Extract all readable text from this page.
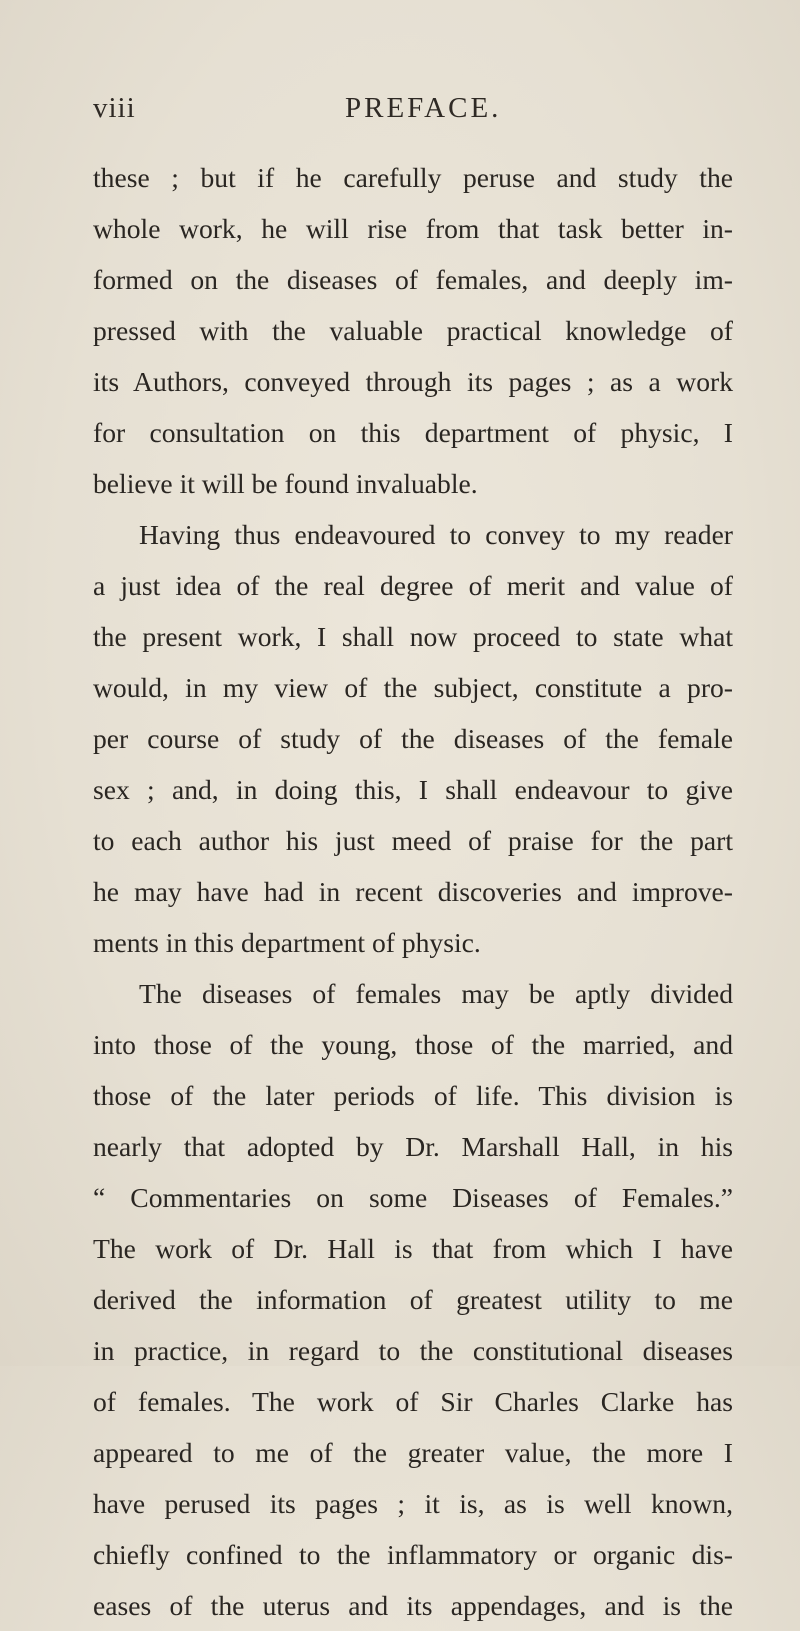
viii	PREFACE.
these ; but if he carefully peruse and study the
whole work, he will rise from that task better in-
formed on the diseases of females, and deeply im-
pressed with the valuable practical knowledge of
its Authors, conveyed through its pages ; as a work
for consultation on this department of physic, I
believe it will be found invaluable.
Having thus endeavoured to convey to my reader
a just idea of the real degree of merit and value of
the present work, I shall now proceed to state what
would, in my view of the subject, constitute a pro-
per course of study of the diseases of the female
sex ; and, in doing this, I shall endeavour to give
to each author his just meed of praise for the part
he may have had in recent discoveries and improve-
ments in this department of physic.
The diseases of females may be aptly divided
into those of the young, those of the married, and
those of the later periods of life. This division is
nearly that adopted by Dr. Marshall Hall, in his
“ Commentaries on some Diseases of Females.”
The work of Dr. Hall is that from which I have
derived the information of greatest utility to me
in practice, in regard to the constitutional diseases
of females. The work of Sir Charles Clarke has
appeared to me of the greater value, the more I
have perused its pages ; it is, as is well known,
chiefly confined to the inflammatory or organic dis-
eases of the uterus and its appendages, and is the
